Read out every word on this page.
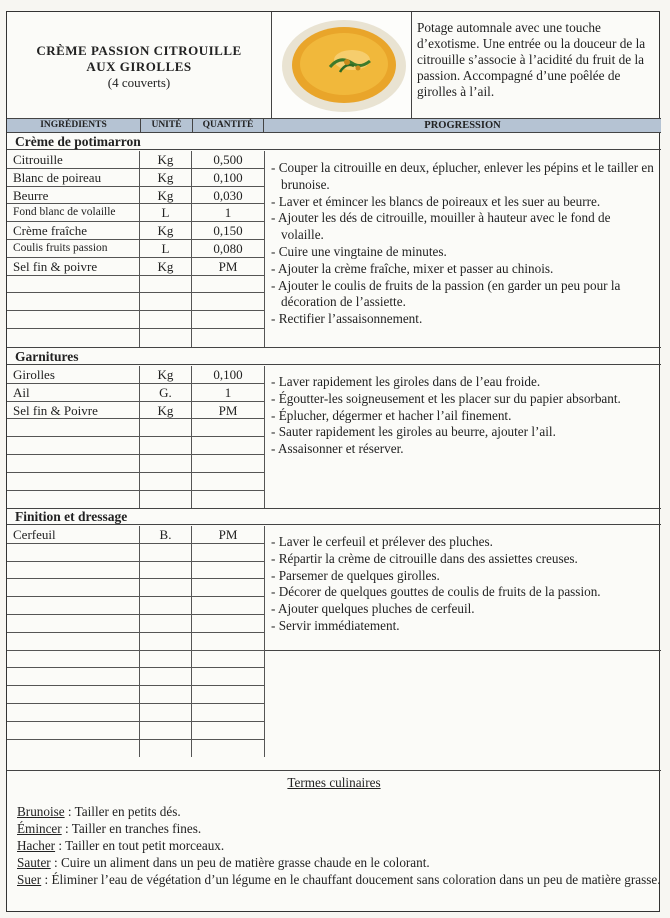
CRÈME PASSION CITROUILLE
AUX GIROLLES
(4 couverts)
Potage automnale avec une touche d’exotisme. Une entrée ou la douceur de la citrouille s’associe à l’acidité du fruit de la passion. Accompagné d’une poêlée de girolles à l’ail.
INGRÉDIENTS	UNITÉ	QUANTITÉ	PROGRESSION
Crème de potimarron
Citrouille	Kg	0,500
Blanc de poireau	Kg	0,100
Beurre	Kg	0,030
Fond blanc de volaille	L	1
Crème fraîche	Kg	0,150
Coulis fruits passion	L	0,080
Sel fin & poivre	Kg	PM
- Couper la citrouille en deux, éplucher, enlever les pépins et le tailler en brunoise.
- Laver et émincer les blancs de poireaux et les suer au beurre.
- Ajouter les dés de citrouille, mouiller à hauteur avec le fond de volaille.
- Cuire une vingtaine de minutes.
- Ajouter la crème fraîche, mixer et passer au chinois.
- Ajouter le coulis de fruits de la passion (en garder un peu pour la décoration de l’assiette.
- Rectifier l’assaisonnement.
Garnitures
Girolles	Kg	0,100
Ail	G.	1
Sel fin & Poivre	Kg	PM
- Laver rapidement les giroles dans de l’eau froide.
- Égoutter-les soigneusement et les placer sur du papier absorbant.
- Éplucher, dégermer et hacher l’ail finement.
- Sauter rapidement les giroles au beurre, ajouter l’ail.
- Assaisonner et réserver.
Finition et dressage
Cerfeuil	B.	PM	- Laver le cerfeuil et prélever des pluches.
- Répartir la crème de citrouille dans des assiettes creuses.
- Parsemer de quelques girolles.
- Décorer de quelques gouttes de coulis de fruits de la passion.
- Ajouter quelques pluches de cerfeuil.
- Servir immédiatement.
Termes culinaires
Brunoise : Tailler en petits dés.
Émincer : Tailler en tranches fines.
Hacher : Tailler en tout petit morceaux.
Sauter : Cuire un aliment dans un peu de matière grasse chaude en le colorant.
Suer : Éliminer l’eau de végétation d’un légume en le chauffant doucement sans coloration dans un peu de matière grasse.
